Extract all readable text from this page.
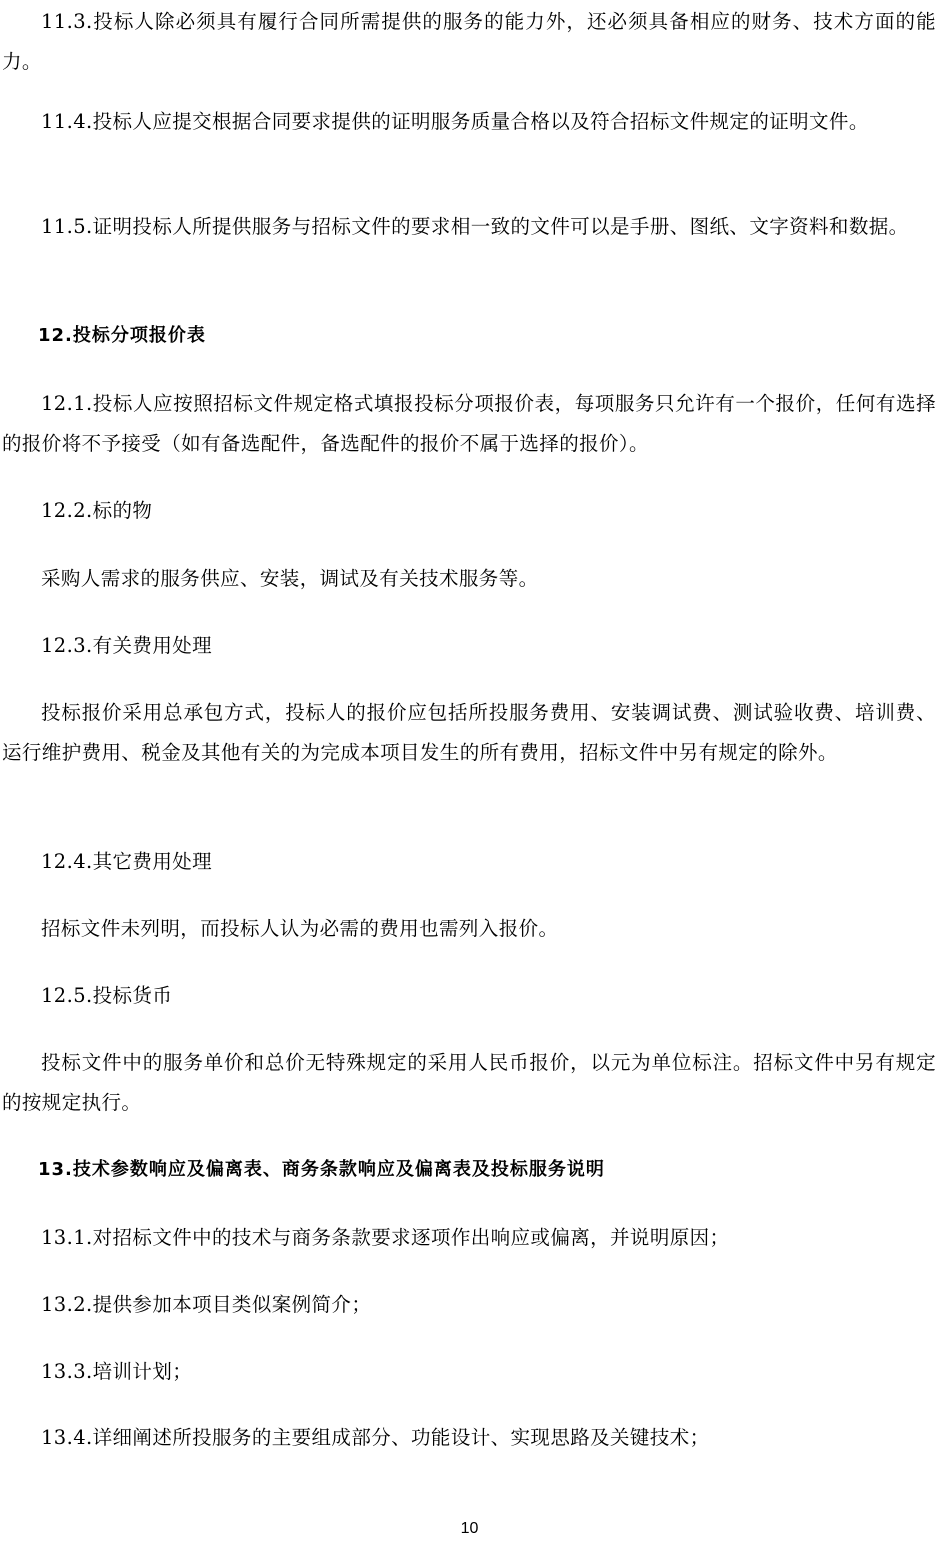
11.3.投标人除必须具有履行合同所需提供的服务的能力外，还必须具备相应的财务、技术方面的能力。

11.4.投标人应提交根据合同要求提供的证明服务质量合格以及符合招标文件规定的证明文件。

11.5.证明投标人所提供服务与招标文件的要求相一致的文件可以是手册、图纸、文字资料和数据。

12.投标分项报价表

12.1.投标人应按照招标文件规定格式填报投标分项报价表，每项服务只允许有一个报价，任何有选择的报价将不予接受（如有备选配件，备选配件的报价不属于选择的报价）。

12.2.标的物

采购人需求的服务供应、安装，调试及有关技术服务等。

12.3.有关费用处理

投标报价采用总承包方式，投标人的报价应包括所投服务费用、安装调试费、测试验收费、培训费、运行维护费用、税金及其他有关的为完成本项目发生的所有费用，招标文件中另有规定的除外。

12.4.其它费用处理

招标文件未列明，而投标人认为必需的费用也需列入报价。

12.5.投标货币

投标文件中的服务单价和总价无特殊规定的采用人民币报价，以元为单位标注。招标文件中另有规定的按规定执行。

13.技术参数响应及偏离表、商务条款响应及偏离表及投标服务说明

13.1.对招标文件中的技术与商务条款要求逐项作出响应或偏离，并说明原因；

13.2.提供参加本项目类似案例简介；

13.3.培训计划；

13.4.详细阐述所投服务的主要组成部分、功能设计、实现思路及关键技术；

10
